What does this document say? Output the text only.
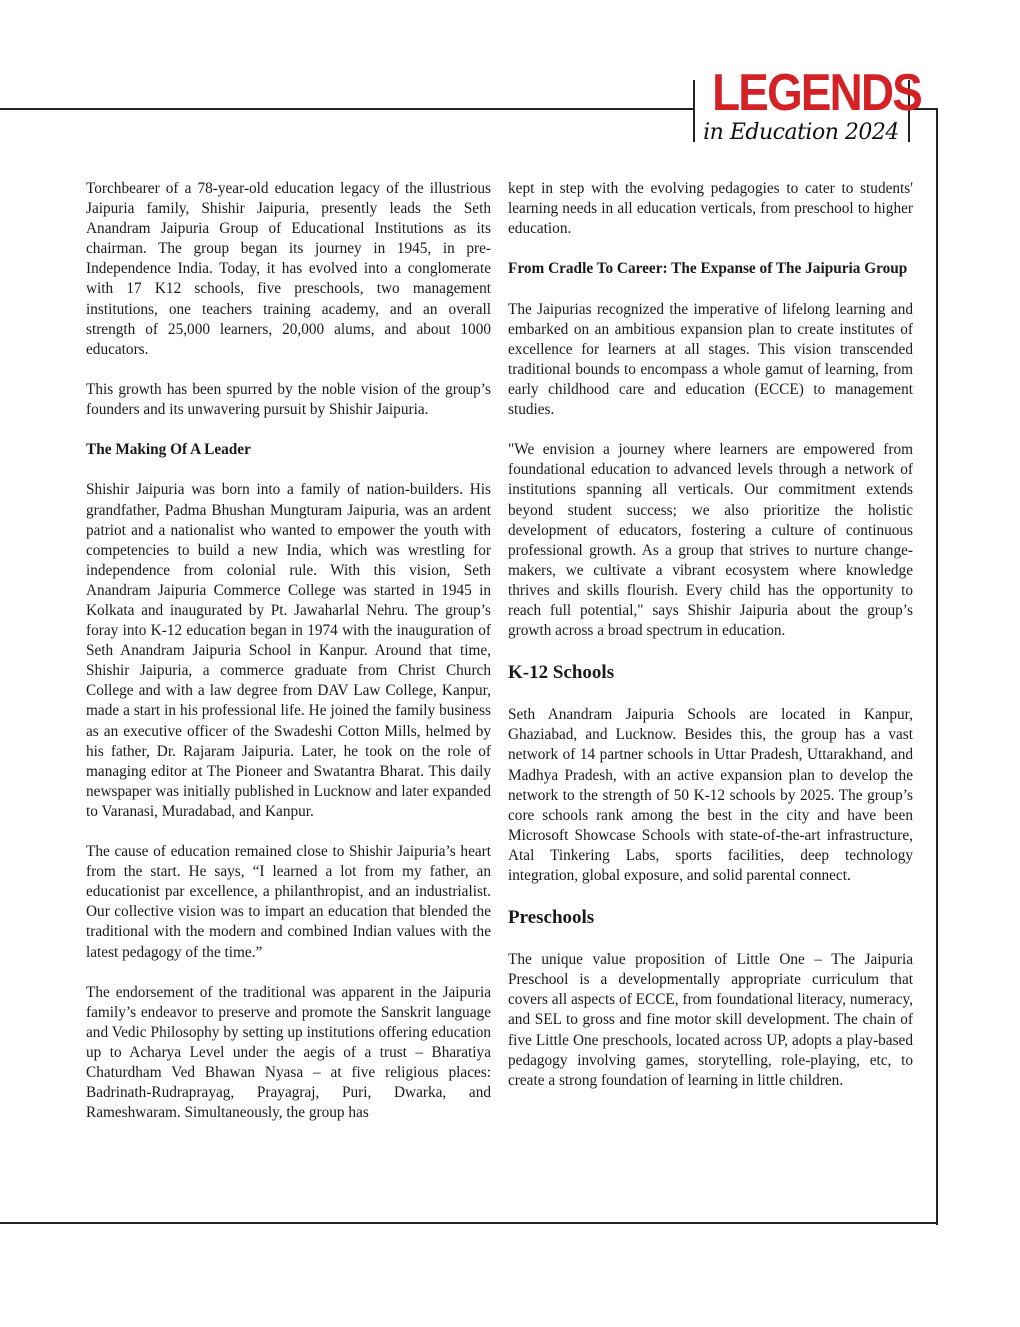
LEGENDS
in Education 2024

Torchbearer of a 78-year-old education legacy of the illustrious Jaipuria family, Shishir Jaipuria, presently leads the Seth Anandram Jaipuria Group of Educational Institutions as its chairman. The group began its journey in 1945, in pre-Independence India. Today, it has evolved into a conglomerate with 17 K12 schools, five preschools, two management institutions, one teachers training academy, and an overall strength of 25,000 learners, 20,000 alums, and about 1000 educators.

This growth has been spurred by the noble vision of the group’s founders and its unwavering pursuit by Shishir Jaipuria.

The Making Of A Leader

Shishir Jaipuria was born into a family of nation-builders. His grandfather, Padma Bhushan Mungturam Jaipuria, was an ardent patriot and a nationalist who wanted to empower the youth with competencies to build a new India, which was wrestling for independence from colonial rule. With this vision, Seth Anandram Jaipuria Commerce College was started in 1945 in Kolkata and inaugurated by Pt. Jawaharlal Nehru. The group’s foray into K-12 education began in 1974 with the inauguration of Seth Anandram Jaipuria School in Kanpur. Around that time, Shishir Jaipuria, a commerce graduate from Christ Church College and with a law degree from DAV Law College, Kanpur, made a start in his professional life. He joined the family business as an executive officer of the Swadeshi Cotton Mills, helmed by his father, Dr. Rajaram Jaipuria. Later, he took on the role of managing editor at The Pioneer and Swatantra Bharat. This daily newspaper was initially published in Lucknow and later expanded to Varanasi, Muradabad, and Kanpur.

The cause of education remained close to Shishir Jaipuria’s heart from the start. He says, “I learned a lot from my father, an educationist par excellence, a philanthropist, and an industrialist. Our collective vision was to impart an education that blended the traditional with the modern and combined Indian values with the latest pedagogy of the time.”

The endorsement of the traditional was apparent in the Jaipuria family’s endeavor to preserve and promote the Sanskrit language and Vedic Philosophy by setting up institutions offering education up to Acharya Level under the aegis of a trust – Bharatiya Chaturdham Ved Bhawan Nyasa – at five religious places: Badrinath-Rudraprayag, Prayagraj, Puri, Dwarka, and Rameshwaram. Simultaneously, the group has

kept in step with the evolving pedagogies to cater to students' learning needs in all education verticals, from preschool to higher education.

From Cradle To Career: The Expanse of The Jaipuria Group

The Jaipurias recognized the imperative of lifelong learning and embarked on an ambitious expansion plan to create institutes of excellence for learners at all stages. This vision transcended traditional bounds to encompass a whole gamut of learning, from early childhood care and education (ECCE) to management studies.

"We envision a journey where learners are empowered from foundational education to advanced levels through a network of institutions spanning all verticals. Our commitment extends beyond student success; we also prioritize the holistic development of educators, fostering a culture of continuous professional growth. As a group that strives to nurture change-makers, we cultivate a vibrant ecosystem where knowledge thrives and skills flourish. Every child has the opportunity to reach full potential," says Shishir Jaipuria about the group’s growth across a broad spectrum in education.

K-12 Schools

Seth Anandram Jaipuria Schools are located in Kanpur, Ghaziabad, and Lucknow. Besides this, the group has a vast network of 14 partner schools in Uttar Pradesh, Uttarakhand, and Madhya Pradesh, with an active expansion plan to develop the network to the strength of 50 K-12 schools by 2025. The group’s core schools rank among the best in the city and have been Microsoft Showcase Schools with state-of-the-art infrastructure, Atal Tinkering Labs, sports facilities, deep technology integration, global exposure, and solid parental connect.

Preschools

The unique value proposition of Little One – The Jaipuria Preschool is a developmentally appropriate curriculum that covers all aspects of ECCE, from foundational literacy, numeracy, and SEL to gross and fine motor skill development. The chain of five Little One preschools, located across UP, adopts a play-based pedagogy involving games, storytelling, role-playing, etc, to create a strong foundation of learning in little children.
